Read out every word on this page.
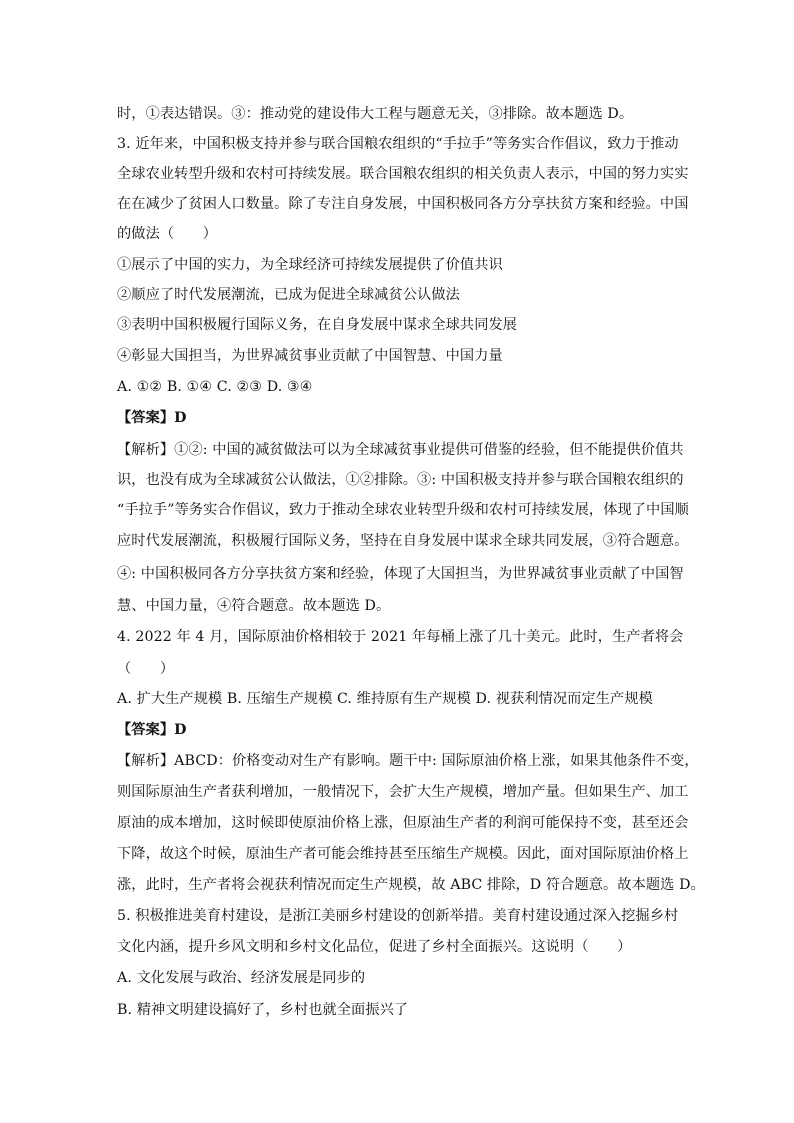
时，①表达错误。③：推动党的建设伟大工程与题意无关，③排除。故本题选 D。
3. 近年来，中国积极支持并参与联合国粮农组织的“手拉手”等务实合作倡议，致力于推动
全球农业转型升级和农村可持续发展。联合国粮农组织的相关负责人表示，中国的努力实实
在在减少了贫困人口数量。除了专注自身发展，中国积极同各方分享扶贫方案和经验。中国
的做法（　　）
①展示了中国的实力，为全球经济可持续发展提供了价值共识
②顺应了时代发展潮流，已成为促进全球减贫公认做法
③表明中国积极履行国际义务，在自身发展中谋求全球共同发展
④彰显大国担当，为世界减贫事业贡献了中国智慧、中国力量
A. ①② B. ①④ C. ②③ D. ③④
【答案】D
【解析】①②: 中国的减贫做法可以为全球减贫事业提供可借鉴的经验，但不能提供价值共
识，也没有成为全球减贫公认做法，①②排除。③: 中国积极支持并参与联合国粮农组织的
“手拉手”等务实合作倡议，致力于推动全球农业转型升级和农村可持续发展，体现了中国顺
应时代发展潮流，积极履行国际义务，坚持在自身发展中谋求全球共同发展，③符合题意。
④: 中国积极同各方分享扶贫方案和经验，体现了大国担当，为世界减贫事业贡献了中国智
慧、中国力量，④符合题意。故本题选 D。
4. 2022 年 4 月，国际原油价格相较于 2021 年每桶上涨了几十美元。此时，生产者将会
（　　）
A. 扩大生产规模 B. 压缩生产规模 C. 维持原有生产规模 D. 视获利情况而定生产规模
【答案】D
【解析】ABCD：价格变动对生产有影响。题干中: 国际原油价格上涨，如果其他条件不变，
则国际原油生产者获利增加，一般情况下，会扩大生产规模，增加产量。但如果生产、加工
原油的成本增加，这时候即使原油价格上涨，但原油生产者的利润可能保持不变，甚至还会
下降，故这个时候，原油生产者可能会维持甚至压缩生产规模。因此，面对国际原油价格上
涨，此时，生产者将会视获利情况而定生产规模，故 ABC 排除，D 符合题意。故本题选 D。
5. 积极推进美育村建设，是浙江美丽乡村建设的创新举措。美育村建设通过深入挖掘乡村
文化内涵，提升乡风文明和乡村文化品位，促进了乡村全面振兴。这说明（　　）
A. 文化发展与政治、经济发展是同步的
B. 精神文明建设搞好了，乡村也就全面振兴了
